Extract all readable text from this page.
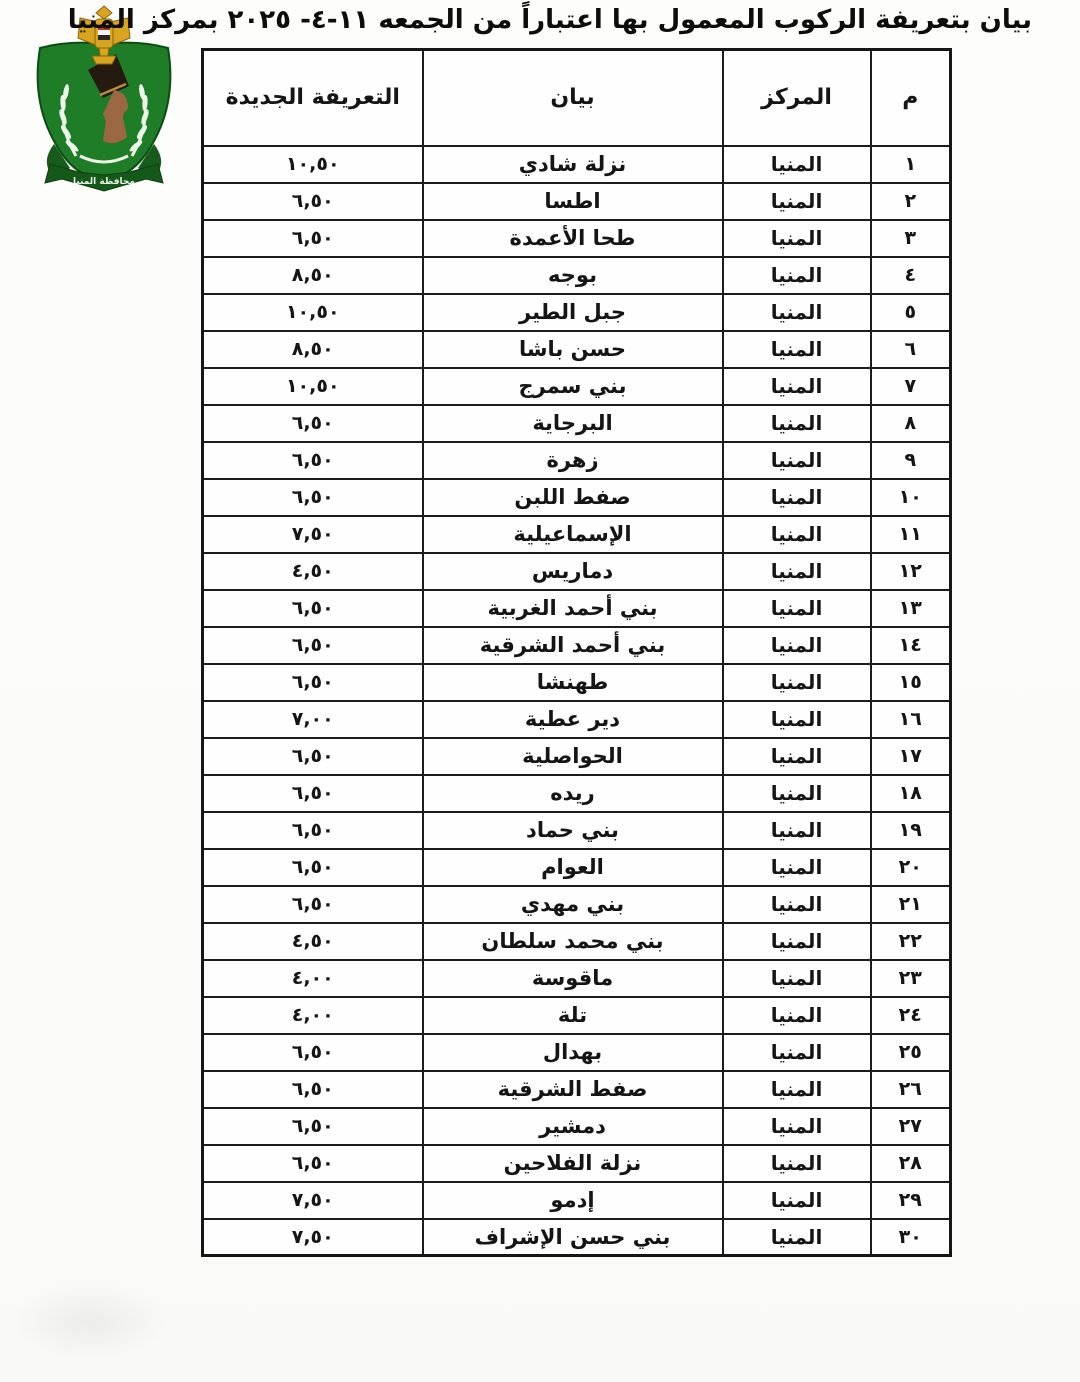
محافظة المنيا
بيان بتعريفة الركوب المعمول بها اعتباراً من الجمعه ١١-٤- ٢٠٢٥ بمركز المنيا
م	المركز	بيان	التعريفة الجديدة
١	المنيا	نزلة شادي	١٠,٥٠
٢	المنيا	اطسا	٦,٥٠
٣	المنيا	طحا الأعمدة	٦,٥٠
٤	المنيا	بوجه	٨,٥٠
٥	المنيا	جبل الطير	١٠,٥٠
٦	المنيا	حسن باشا	٨,٥٠
٧	المنيا	بني سمرج	١٠,٥٠
٨	المنيا	البرجاية	٦,٥٠
٩	المنيا	زهرة	٦,٥٠
١٠	المنيا	صفط اللبن	٦,٥٠
١١	المنيا	الإسماعيلية	٧,٥٠
١٢	المنيا	دماريس	٤,٥٠
١٣	المنيا	بني أحمد الغربية	٦,٥٠
١٤	المنيا	بني أحمد الشرقية	٦,٥٠
١٥	المنيا	طهنشا	٦,٥٠
١٦	المنيا	دير عطية	٧,٠٠
١٧	المنيا	الحواصلية	٦,٥٠
١٨	المنيا	ريده	٦,٥٠
١٩	المنيا	بني حماد	٦,٥٠
٢٠	المنيا	العوام	٦,٥٠
٢١	المنيا	بني مهدي	٦,٥٠
٢٢	المنيا	بني محمد سلطان	٤,٥٠
٢٣	المنيا	ماقوسة	٤,٠٠
٢٤	المنيا	تلة	٤,٠٠
٢٥	المنيا	بهدال	٦,٥٠
٢٦	المنيا	صفط الشرقية	٦,٥٠
٢٧	المنيا	دمشير	٦,٥٠
٢٨	المنيا	نزلة الفلاحين	٦,٥٠
٢٩	المنيا	إدمو	٧,٥٠
٣٠	المنيا	بني حسن الإشراف	٧,٥٠
